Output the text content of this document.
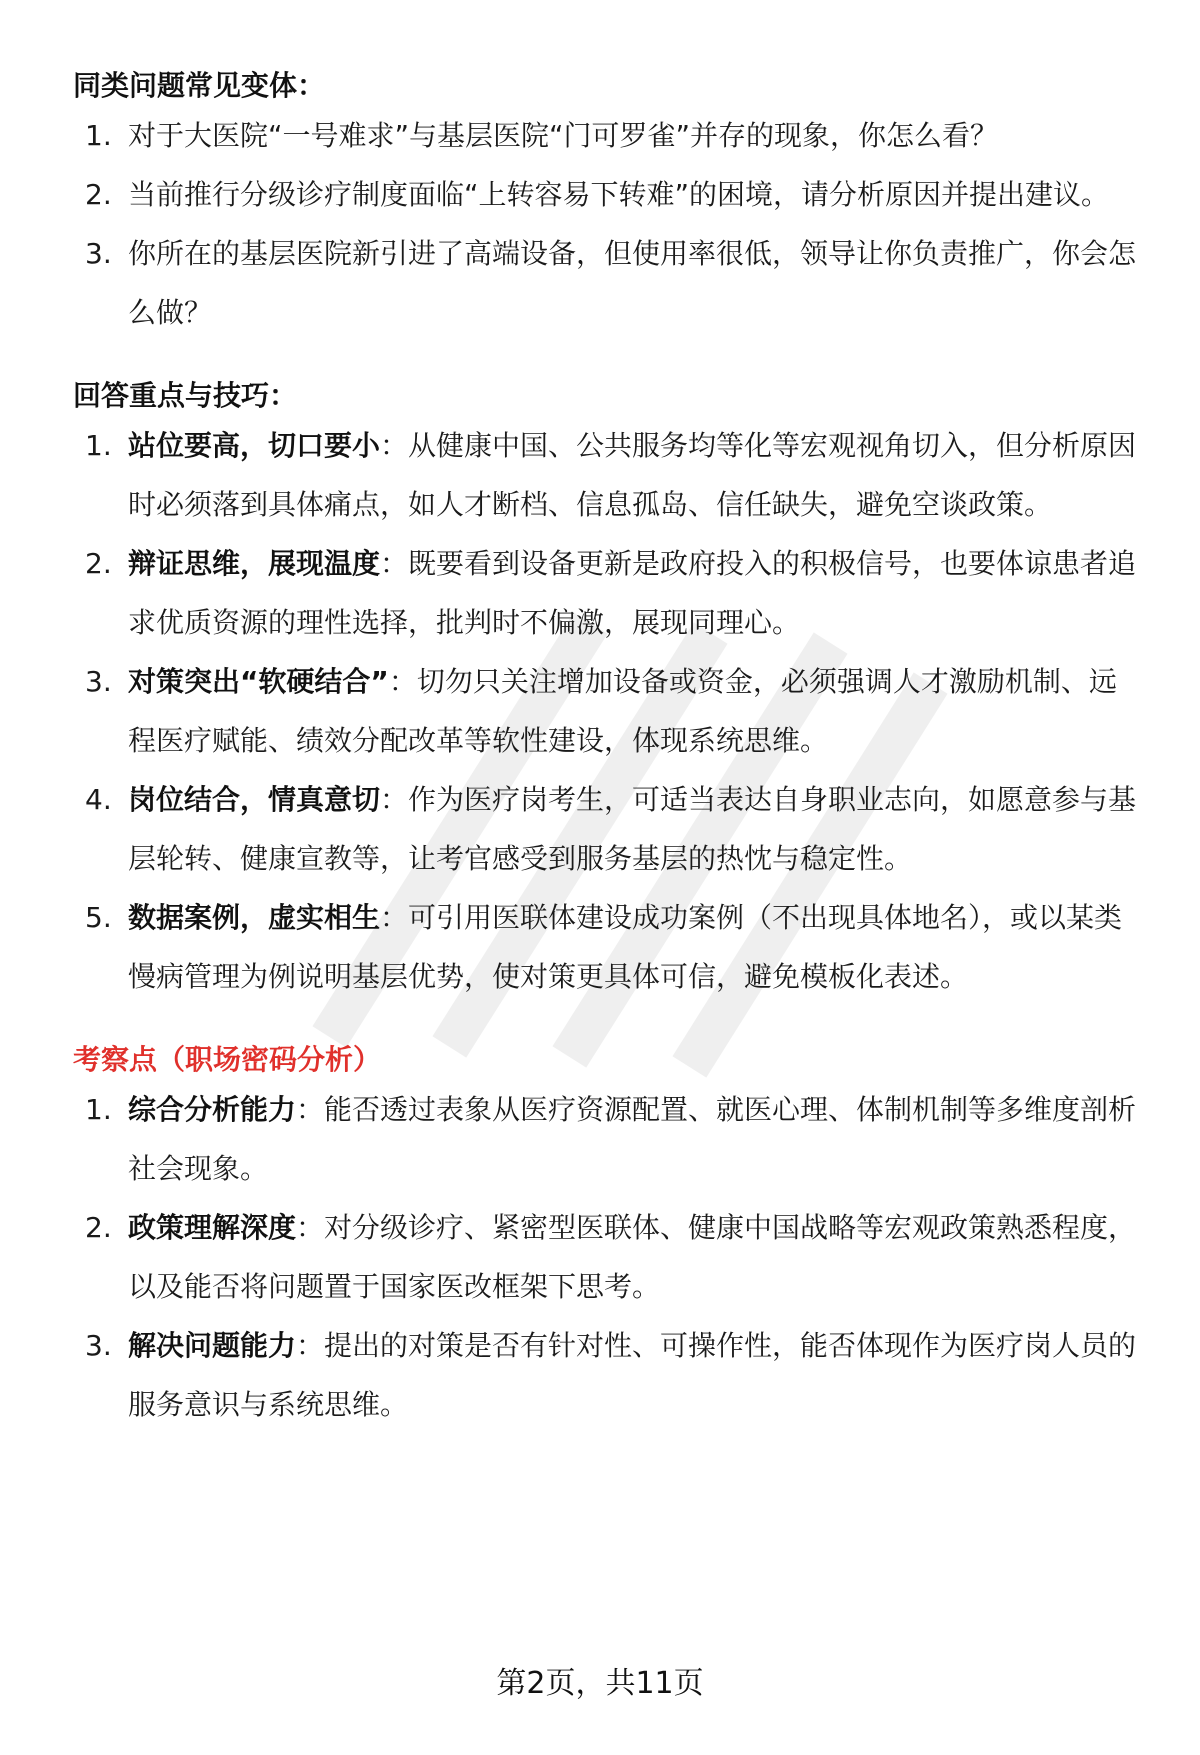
同类问题常见变体：
1. 对于大医院“一号难求”与基层医院“门可罗雀”并存的现象，你怎么看？
2. 当前推行分级诊疗制度面临“上转容易下转难”的困境，请分析原因并提出建议。
3. 你所在的基层医院新引进了高端设备，但使用率很低，领导让你负责推广，你会怎么做？
回答重点与技巧：
1. 站位要高，切口要小：从健康中国、公共服务均等化等宏观视角切入，但分析原因时必须落到具体痛点，如人才断档、信息孤岛、信任缺失，避免空谈政策。
2. 辩证思维，展现温度：既要看到设备更新是政府投入的积极信号，也要体谅患者追求优质资源的理性选择，批判时不偏激，展现同理心。
3. 对策突出“软硬结合”：切勿只关注增加设备或资金，必须强调人才激励机制、远程医疗赋能、绩效分配改革等软性建设，体现系统思维。
4. 岗位结合，情真意切：作为医疗岗考生，可适当表达自身职业志向，如愿意参与基层轮转、健康宣教等，让考官感受到服务基层的热忱与稳定性。
5. 数据案例，虚实相生：可引用医联体建设成功案例（不出现具体地名），或以某类慢病管理为例说明基层优势，使对策更具体可信，避免模板化表述。
考察点（职场密码分析）
1. 综合分析能力：能否透过表象从医疗资源配置、就医心理、体制机制等多维度剖析社会现象。
2. 政策理解深度：对分级诊疗、紧密型医联体、健康中国战略等宏观政策熟悉程度，以及能否将问题置于国家医改框架下思考。
3. 解决问题能力：提出的对策是否有针对性、可操作性，能否体现作为医疗岗人员的服务意识与系统思维。
第2页，共11页
